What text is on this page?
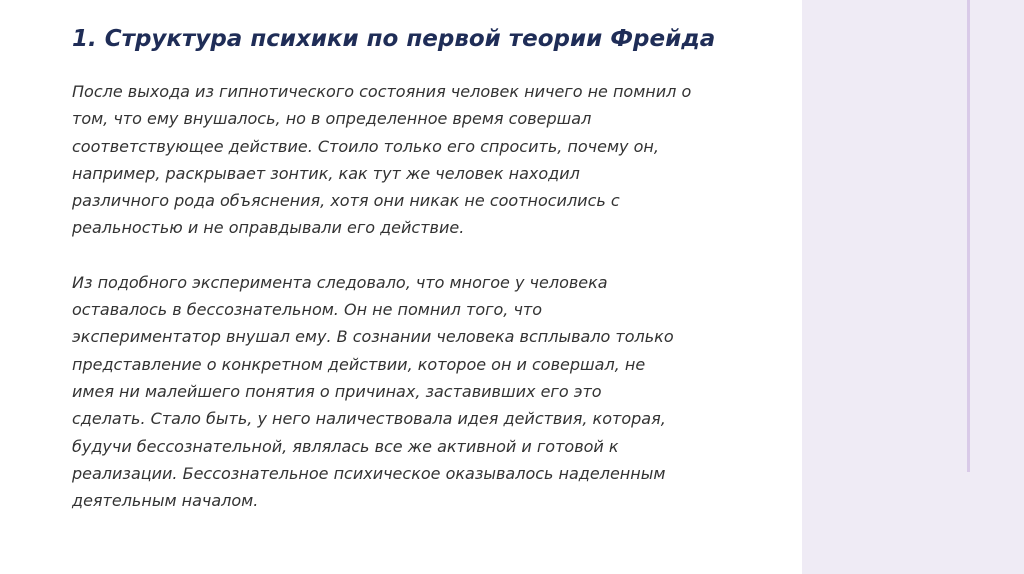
1. Структура психики по первой теории Фрейда

После выхода из гипнотического состояния человек ничего не помнил о
том, что ему внушалось, но в определенное время совершал
соответствующее действие. Стоило только его спросить, почему он,
например, раскрывает зонтик, как тут же человек находил
различного рода объяснения, хотя они никак не соотносились с
реальностью и не оправдывали его действие.

Из подобного эксперимента следовало, что многое у человека
оставалось в бессознательном. Он не помнил того, что
экспериментатор внушал ему. В сознании человека всплывало только
представление о конкретном действии, которое он и совершал, не
имея ни малейшего понятия о причинах, заставивших его это
сделать. Стало быть, у него наличествовала идея действия, которая,
будучи бессознательной, являлась все же активной и готовой к
реализации. Бессознательное психическое оказывалось наделенным
деятельным началом.
